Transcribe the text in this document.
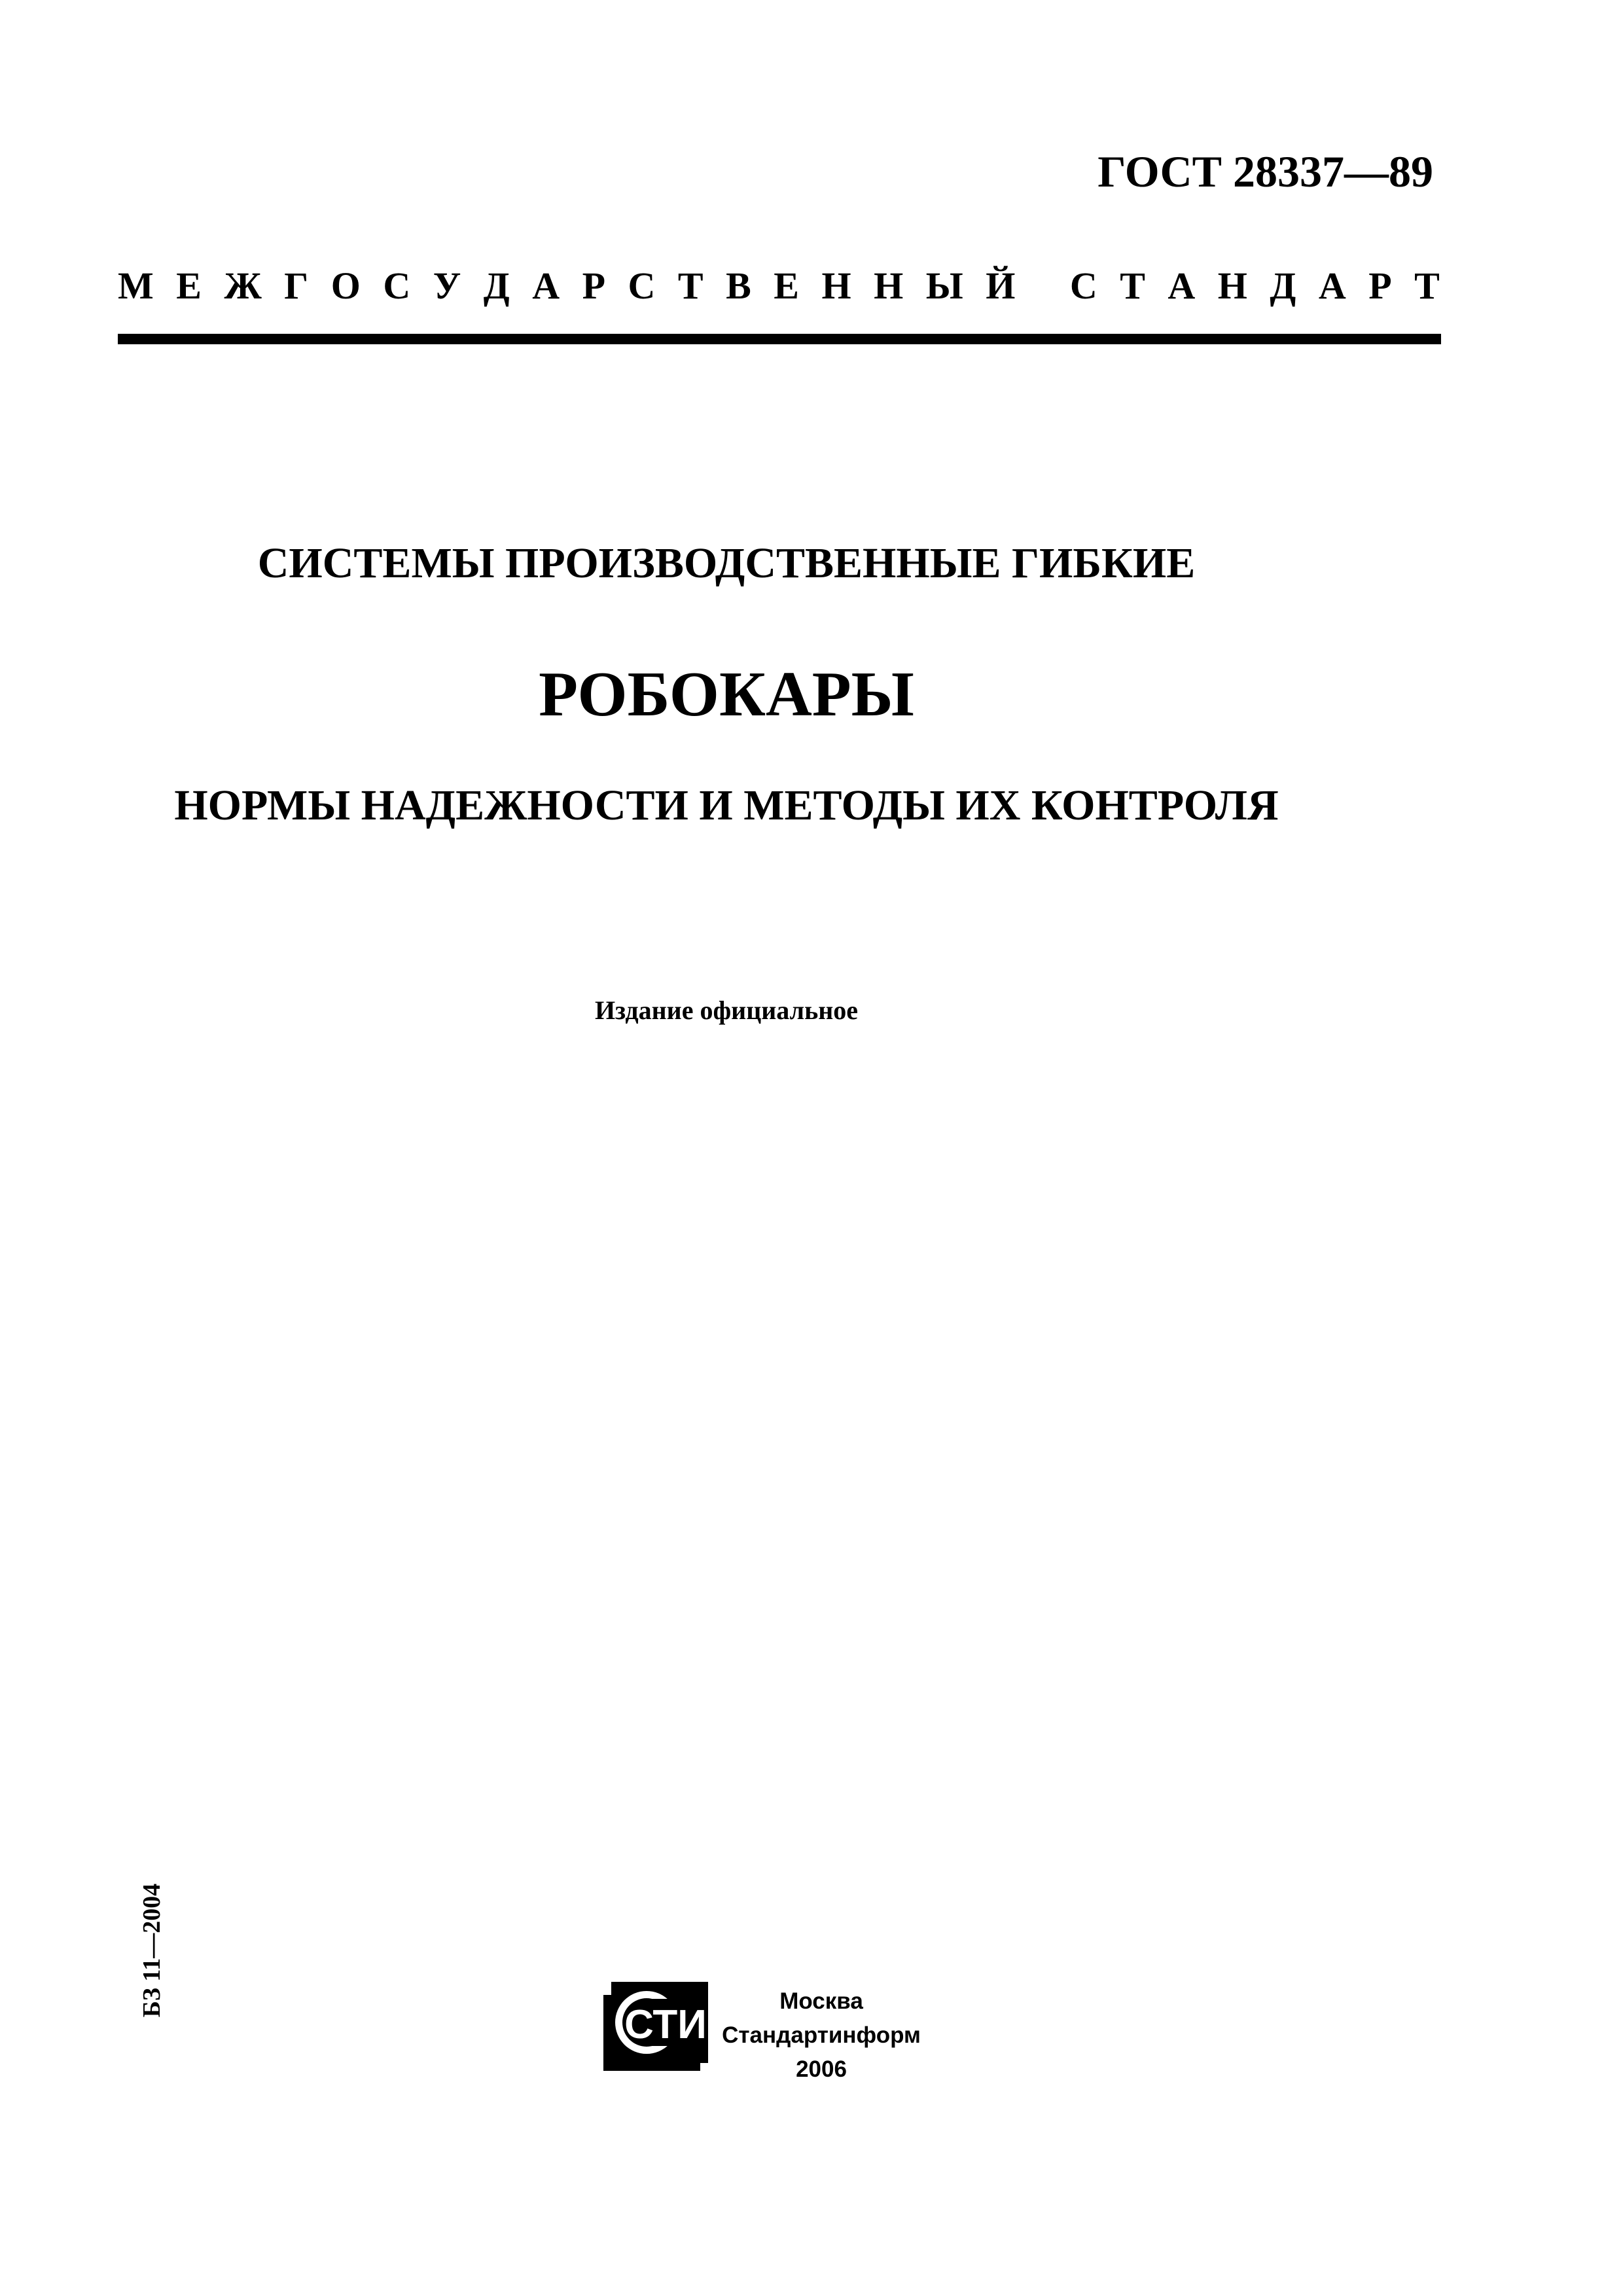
ГОСТ 28337—89
М Е Ж Г О С У Д А Р С Т В Е Н Н Ы Й
С Т А Н Д А Р Т
СИСТЕМЫ ПРОИЗВОДСТВЕННЫЕ ГИБКИЕ
РОБОКАРЫ
НОРМЫ НАДЕЖНОСТИ И МЕТОДЫ ИХ КОНТРОЛЯ
Издание официальное
БЗ 11—2004
СТИ
Москва
Стандартинформ
2006
